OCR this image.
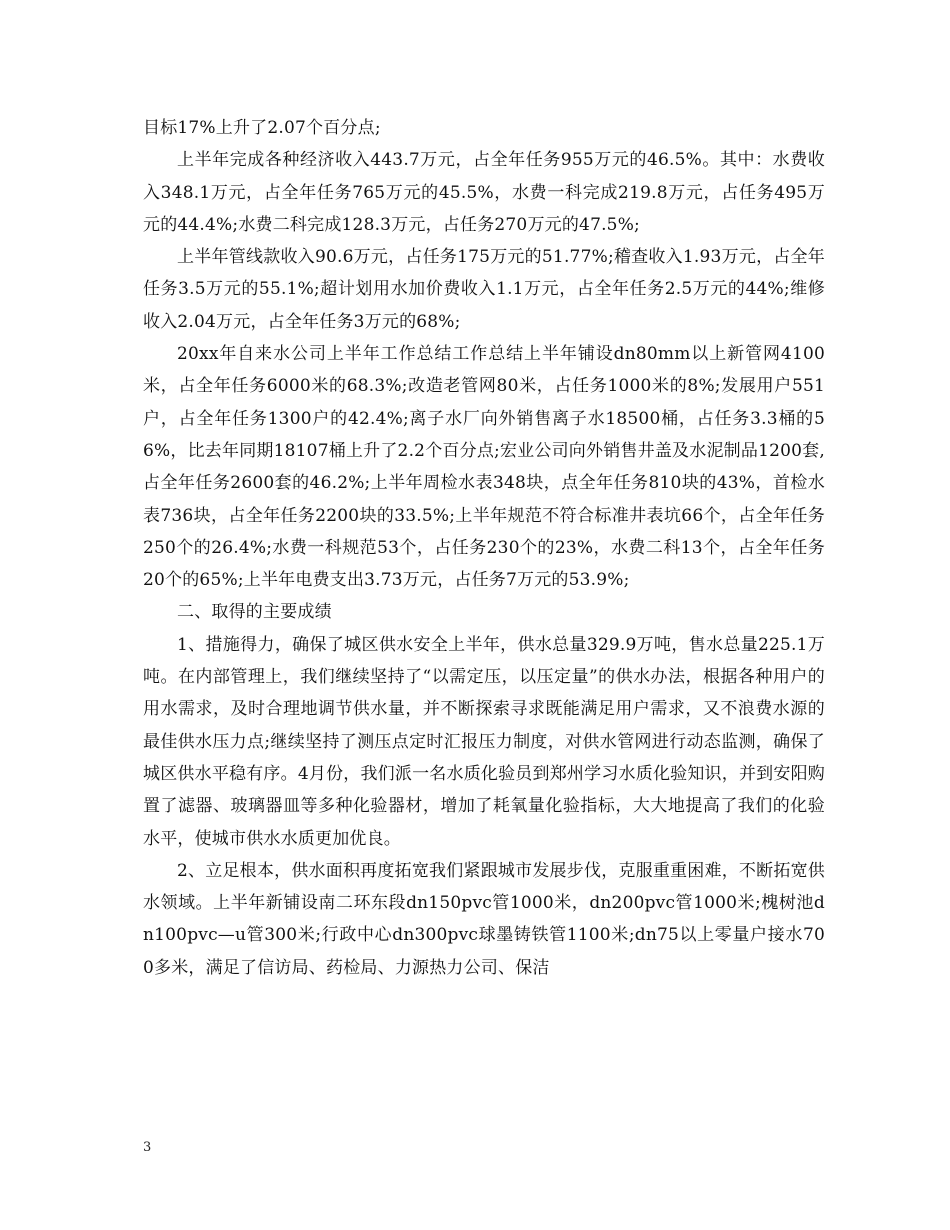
目标17%上升了2.07个百分点;

上半年完成各种经济收入443.7万元，占全年任务955万元的46.5%。其中：水费收入348.1万元，占全年任务765万元的45.5%，水费一科完成219.8万元，占任务495万元的44.4%;水费二科完成128.3万元，占任务270万元的47.5%;

上半年管线款收入90.6万元，占任务175万元的51.77%;稽查收入1.93万元，占全年任务3.5万元的55.1%;超计划用水加价费收入1.1万元，占全年任务2.5万元的44%;维修收入2.04万元，占全年任务3万元的68%;

20xx年自来水公司上半年工作总结工作总结上半年铺设dn80mm以上新管网4100米，占全年任务6000米的68.3%;改造老管网80米，占任务1000米的8%;发展用户551户，占全年任务1300户的42.4%;离子水厂向外销售离子水18500桶，占任务3.3桶的56%，比去年同期18107桶上升了2.2个百分点;宏业公司向外销售井盖及水泥制品1200套,占全年任务2600套的46.2%;上半年周检水表348块，点全年任务810块的43%，首检水表736块，占全年任务2200块的33.5%;上半年规范不符合标准井表坑66个，占全年任务250个的26.4%;水费一科规范53个，占任务230个的23%，水费二科13个，占全年任务20个的65%;上半年电费支出3.73万元，占任务7万元的53.9%;

二、取得的主要成绩

1、措施得力，确保了城区供水安全上半年，供水总量329.9万吨，售水总量225.1万吨。在内部管理上，我们继续坚持了“以需定压，以压定量”的供水办法，根据各种用户的用水需求，及时合理地调节供水量，并不断探索寻求既能满足用户需求，又不浪费水源的最佳供水压力点;继续坚持了测压点定时汇报压力制度，对供水管网进行动态监测，确保了城区供水平稳有序。4月份，我们派一名水质化验员到郑州学习水质化验知识，并到安阳购置了滤器、玻璃器皿等多种化验器材，增加了耗氧量化验指标，大大地提高了我们的化验水平，使城市供水水质更加优良。

2、立足根本，供水面积再度拓宽我们紧跟城市发展步伐，克服重重困难，不断拓宽供水领域。上半年新铺设南二环东段dn150pvc管1000米，dn200pvc管1000米;槐树池dn100pvc—u管300米;行政中心dn300pvc球墨铸铁管1100米;dn75以上零量户接水700多米，满足了信访局、药检局、力源热力公司、保洁

3
